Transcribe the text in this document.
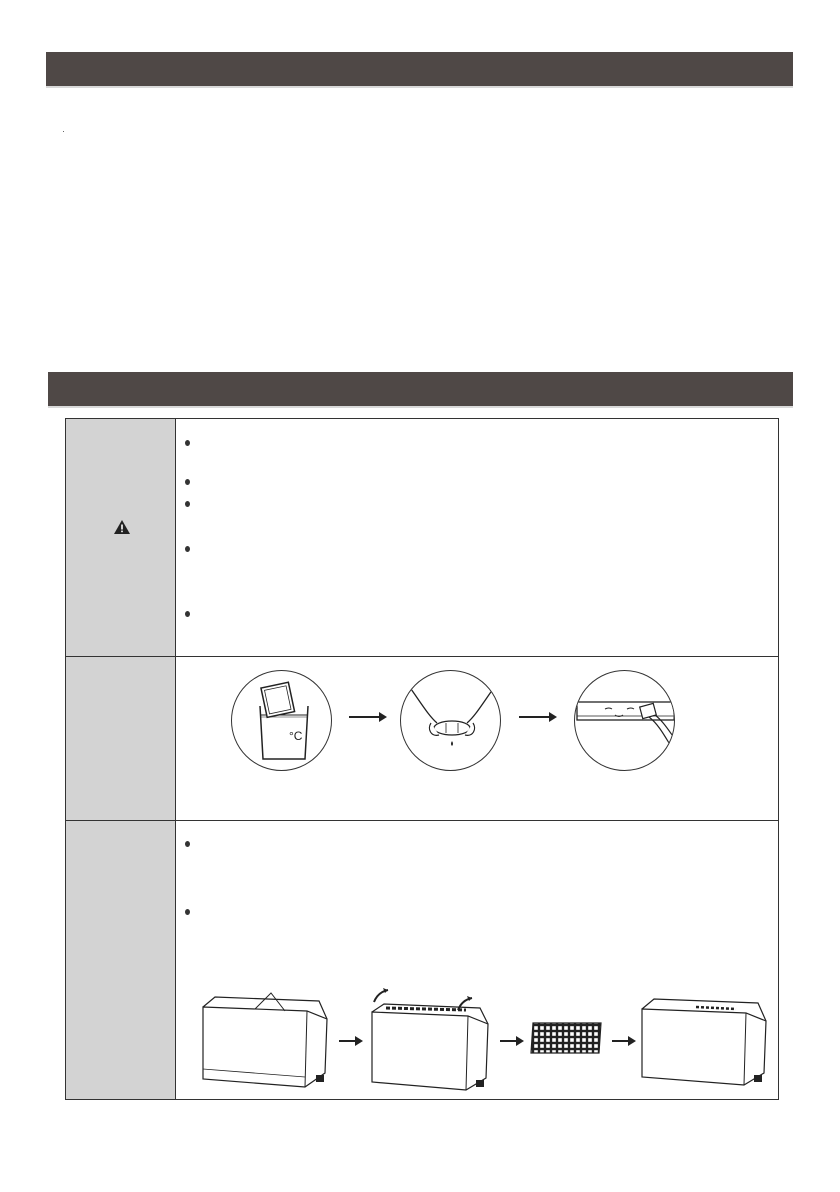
°C
